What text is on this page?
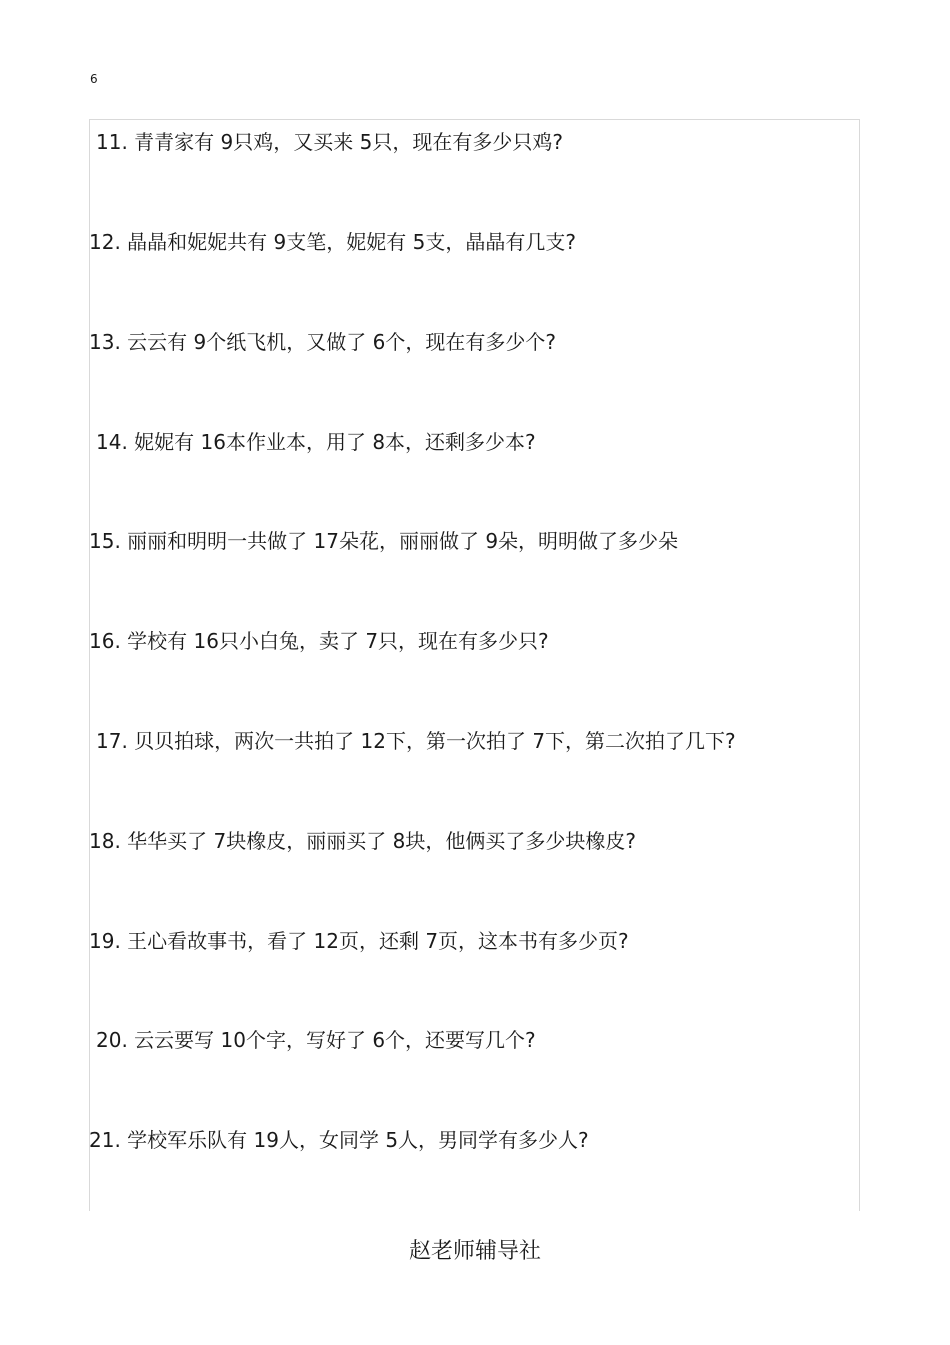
6

11. 青青家有 9只鸡，又买来 5只，现在有多少只鸡?

12. 晶晶和妮妮共有 9支笔，妮妮有 5支，晶晶有几支?

13. 云云有 9个纸飞机，又做了 6个，现在有多少个?

14. 妮妮有 16本作业本，用了 8本，还剩多少本?

15. 丽丽和明明一共做了 17朵花，丽丽做了 9朵，明明做了多少朵

16. 学校有 16只小白兔，卖了 7只，现在有多少只?

17. 贝贝拍球，两次一共拍了 12下，第一次拍了 7下，第二次拍了几下?

18. 华华买了 7块橡皮，丽丽买了 8块，他俩买了多少块橡皮?

19. 王心看故事书，看了 12页，还剩 7页，这本书有多少页?

20. 云云要写 10个字，写好了 6个，还要写几个?

21. 学校军乐队有 19人，女同学 5人，男同学有多少人?

赵老师辅导社
